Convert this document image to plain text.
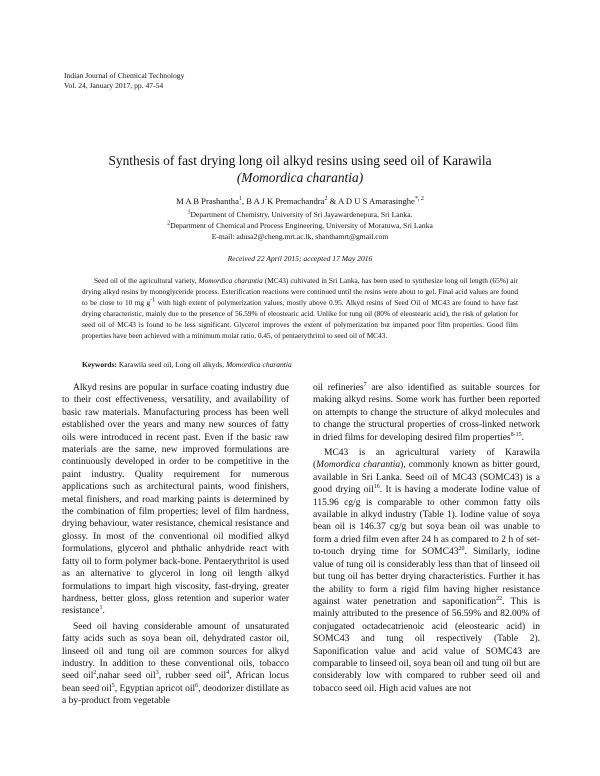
Indian Journal of Chemical Technology
Vol. 24, January 2017, pp. 47-54
Synthesis of fast drying long oil alkyd resins using seed oil of Karawila
(Momordica charantia)
M A B Prashantha$^1$, B A J K Premachandra$^2$ & A D U S Amarasinghe$^{*, 2}$
$^1$Department of Chemistry, University of Sri Jayawardenepura, Sri Lanka.
$^2$Department of Chemical and Process Engineering, University of Moratuwa, Sri Lanka
E-mail: adusa2@cheng.mrt.ac.lk, shanthamrt@gmail.com
Received 22 April 2015; accepted 17 May 2016

Seed oil of the agricultural variety, Momordica charantia (MC43) cultivated in Sri Lanka, has been used to synthesize long oil length (65%) air drying alkyd resins by monoglyceride process. Esterification reactions were continued until the resins were about to gel. Final acid values are found to be close to 10 mg $g^{-1}$ with high extent of polymerization values, mostly above 0.95. Alkyd resins of Seed Oil of MC43 are found to have fast drying characteristic, mainly due to the presence of 56.59% of eleostearic acid. Unlike for tung oil (80% of eleostearic acid), the risk of gelation for seed oil of MC43 is found to be less significant. Glycerol improves the extent of polymerization but imparted poor film properties. Good film properties have been achieved with a minimum molar ratio, 0.45, of pentaerythritol to seed oil of MC43.

Keywords: Karawila seed oil, Long oil alkyds, Momordica charantia

Alkyd resins are popular in surface coating industry due to their cost effectiveness, versatility, and availability of basic raw materials. Manufacturing process has been well established over the years and many new sources of fatty oils were introduced in recent past. Even if the basic raw materials are the same, new improved formulations are continuously developed in order to be competitive in the paint industry. Quality requirement for numerous applications such as architectural paints, wood finishers, metal finishers, and road marking paints is determined by the combination of film properties; level of film hardness, drying behaviour, water resistance, chemical resistance and glossy. In most of the conventional oil modified alkyd formulations, glycerol and phthalic anhydride react with fatty oil to form polymer back-bone. Pentaerythritol is used as an alternative to glycerol in long oil length alkyd formulations to impart high viscosity, fast-drying, greater hardness, better gloss, gloss retention and superior water resistance$^1$.

Seed oil having considerable amount of unsaturated fatty acids such as soya bean oil, dehydrated castor oil, linseed oil and tung oil are common sources for alkyd industry. In addition to these conventional oils, tobacco seed oil$^2$,nahar seed oil$^3$, rubber seed oil$^4$, African locus bean seed oil$^5$, Egyptian apricot oil$^6$, deodorizer distillate as a by-product from vegetable

oil refineries$^7$ are also identified as suitable sources for making alkyd resins. Some work has further been reported on attempts to change the structure of alkyd molecules and to change the structural properties of cross-linked network in dried films for developing desired film properties$^{8-15}$.

MC43 is an agricultural variety of Karawila (Momordica charantia), commonly known as bitter gourd, available in Sri Lanka. Seed oil of MC43 (SOMC43) is a good drying oil$^{16}$. It is having a moderate Iodine value of 115.96 cg/g is comparable to other common fatty oils available in alkyd industry (Table 1). Iodine value of soya bean oil is 146.37 cg/g but soya bean oil was unable to form a dried film even after 24 h as compared to 2 h of set-to-touch drying time for $SOMC43^{20}$. Similarly, iodine value of tung oil is considerably less than that of linseed oil but tung oil has better drying characteristics. Further it has the ability to form a rigid film having higher resistance against water penetration and saponification$^{22}$. This is mainly attributed to the presence of 56.59% and 82.00% of conjugated octadecatrienoic acid (eleostearic acid) in SOMC43 and tung oil respectively (Table 2). Saponification value and acid value of SOMC43 are comparable to linseed oil, soya bean oil and tung oil but are considerably low with compared to rubber seed oil and tobacco seed oil. High acid values are not
